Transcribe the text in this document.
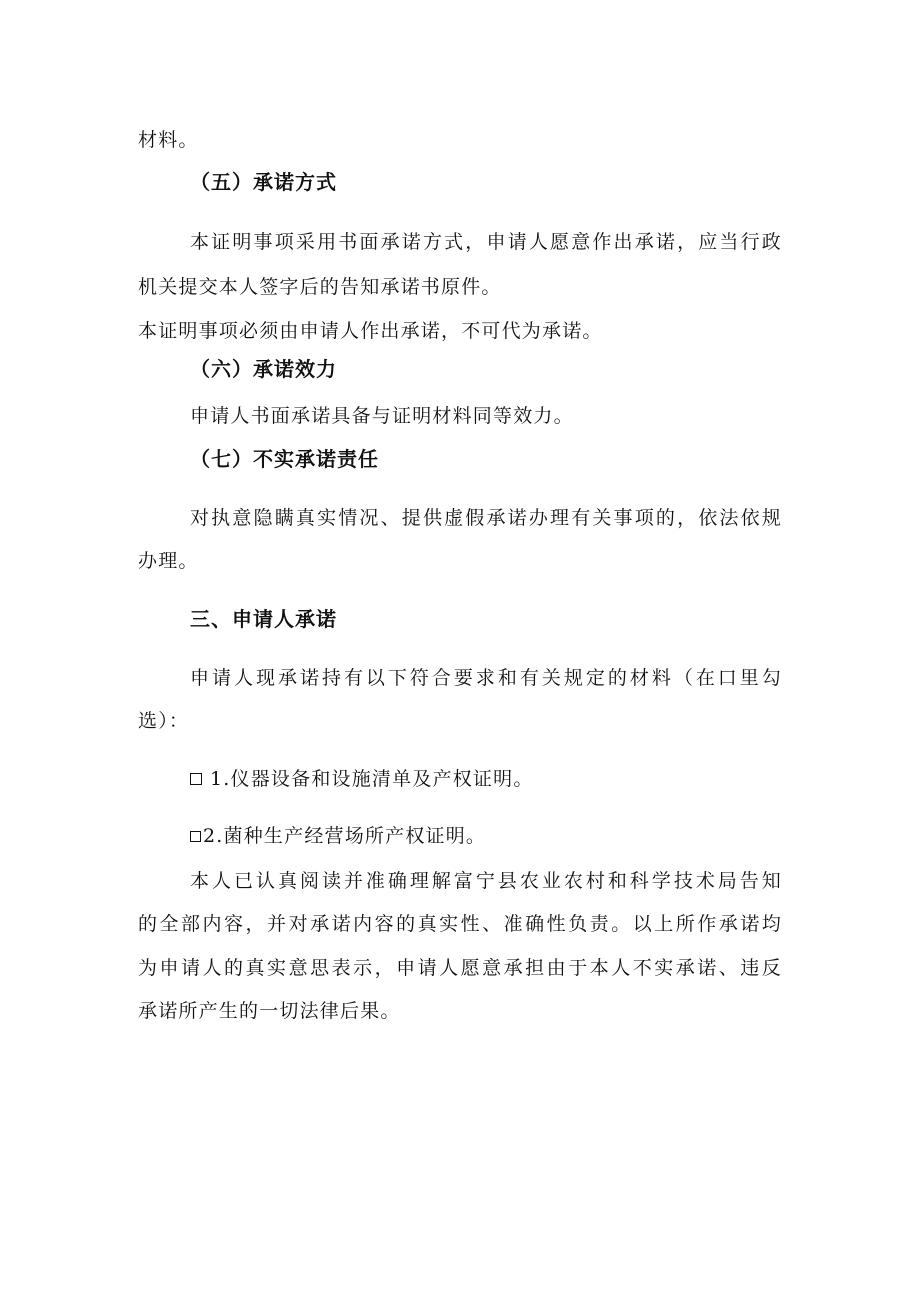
材料。
（五）承诺方式
本证明事项采用书面承诺方式，申请人愿意作出承诺，应当行政
机关提交本人签字后的告知承诺书原件。
本证明事项必须由申请人作出承诺，不可代为承诺。
（六）承诺效力
申请人书面承诺具备与证明材料同等效力。
（七）不实承诺责任
对执意隐瞒真实情况、提供虚假承诺办理有关事项的，依法依规
办理。
三、申请人承诺
申请人现承诺持有以下符合要求和有关规定的材料（在口里勾
选）：
1.仪器设备和设施清单及产权证明。
2.菌种生产经营场所产权证明。
本人已认真阅读并准确理解富宁县农业农村和科学技术局告知
的全部内容，并对承诺内容的真实性、准确性负责。以上所作承诺均
为申请人的真实意思表示，申请人愿意承担由于本人不实承诺、违反
承诺所产生的一切法律后果。
